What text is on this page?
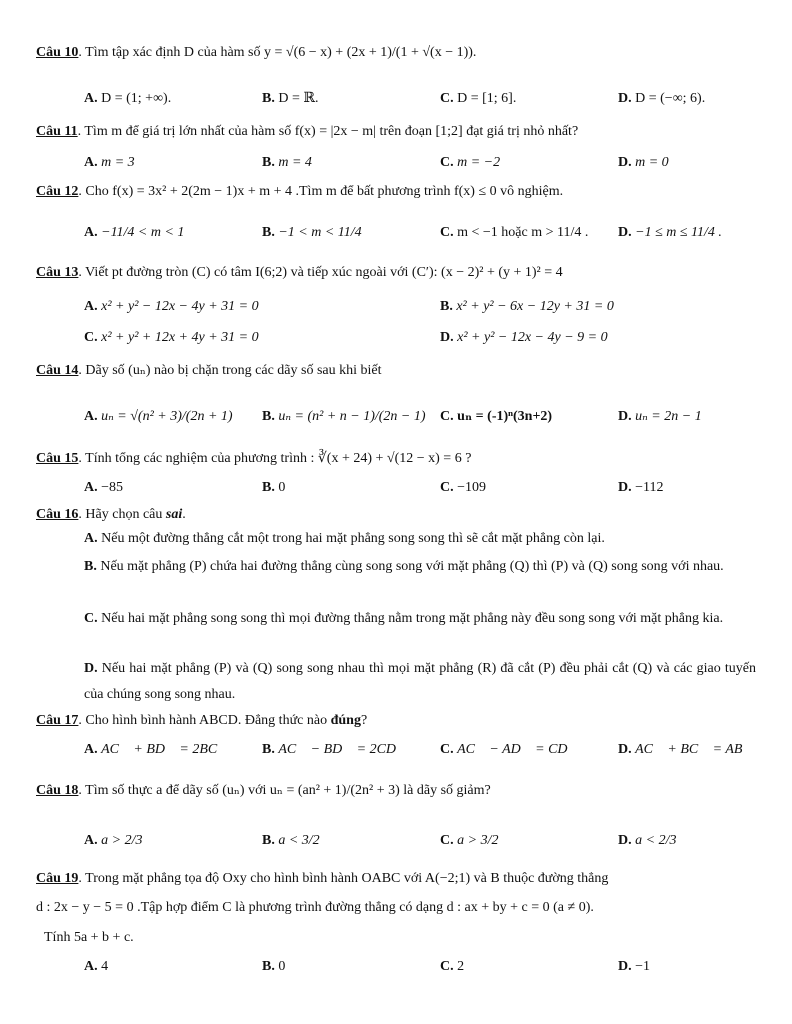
Câu 10. Tìm tập xác định D của hàm số y = √(6 − x) + (2x + 1)/(1 + √(x − 1)).
A. D = (1; +∞).	B. D = ℝ.	C. D = [1; 6].	D. D = (−∞; 6).
Câu 11. Tìm m để giá trị lớn nhất của hàm số f(x) = |2x − m| trên đoạn [1;2] đạt giá trị nhỏ nhất?
A. m = 3	B. m = 4	C. m = −2	D. m = 0
Câu 12. Cho f(x) = 3x² + 2(2m − 1)x + m + 4 .Tìm m để bất phương trình f(x) ≤ 0 vô nghiệm.
A. −11/4 < m < 1	B. −1 < m < 11/4	C. m < −1 hoặc m > 11/4 . D. −1 ≤ m ≤ 11/4 .
Câu 13. Viết pt đường tròn (C) có tâm I(6;2) và tiếp xúc ngoài với (C′): (x − 2)² + (y + 1)² = 4
A. x² + y² − 12x − 4y + 31 = 0	B. x² + y² − 6x − 12y + 31 = 0
C. x² + y² + 12x + 4y + 31 = 0	D. x² + y² − 12x − 4y − 9 = 0
Câu 14. Dãy số (uₙ) nào bị chặn trong các dãy số sau khi biết
A. uₙ = √(n² + 3)/(2n + 1) B. uₙ = (n² + n − 1)/(2n − 1) C. uₙ = (-1)ⁿ(3n+2)	D. uₙ = 2n − 1
Câu 15. Tính tổng các nghiệm của phương trình : ∛(x + 24) + √(12 − x) = 6 ?
A. −85	B. 0	C. −109	D. −112
Câu 16. Hãy chọn câu sai.
A. Nếu một đường thẳng cắt một trong hai mặt phẳng song song thì sẽ cắt mặt phẳng còn lại.
B. Nếu mặt phẳng (P) chứa hai đường thẳng cùng song song với mặt phẳng (Q) thì (P) và (Q) song song với nhau.
C. Nếu hai mặt phẳng song song thì mọi đường thẳng nằm trong mặt phẳng này đều song song với mặt phẳng kia.
D. Nếu hai mặt phẳng (P) và (Q) song song nhau thì mọi mặt phẳng (R) đã cắt (P) đều phải cắt (Q) và các giao tuyến của chúng song song nhau.
Câu 17. Cho hình bình hành ABCD. Đẳng thức nào đúng?
A. AC⃗ + BD⃗ = 2BC⃗ B. AC⃗ − BD⃗ = 2CD⃗ C. AC⃗ − AD⃗ = CD⃗	D. AC⃗ + BC⃗ = AB⃗
Câu 18. Tìm số thực a để dãy số (uₙ) với uₙ = (an² + 1)/(2n² + 3) là dãy số giảm?
A. a > 2/3	B. a < 3/2	C. a > 3/2	D. a < 2/3
Câu 19. Trong mặt phẳng tọa độ Oxy cho hình bình hành OABC với A(−2;1) và B thuộc đường thẳng
d : 2x − y − 5 = 0 .Tập hợp điểm C là phương trình đường thẳng có dạng d : ax + by + c = 0 (a ≠ 0).
Tính 5a + b + c.
A. 4	B. 0	C. 2	D. −1
